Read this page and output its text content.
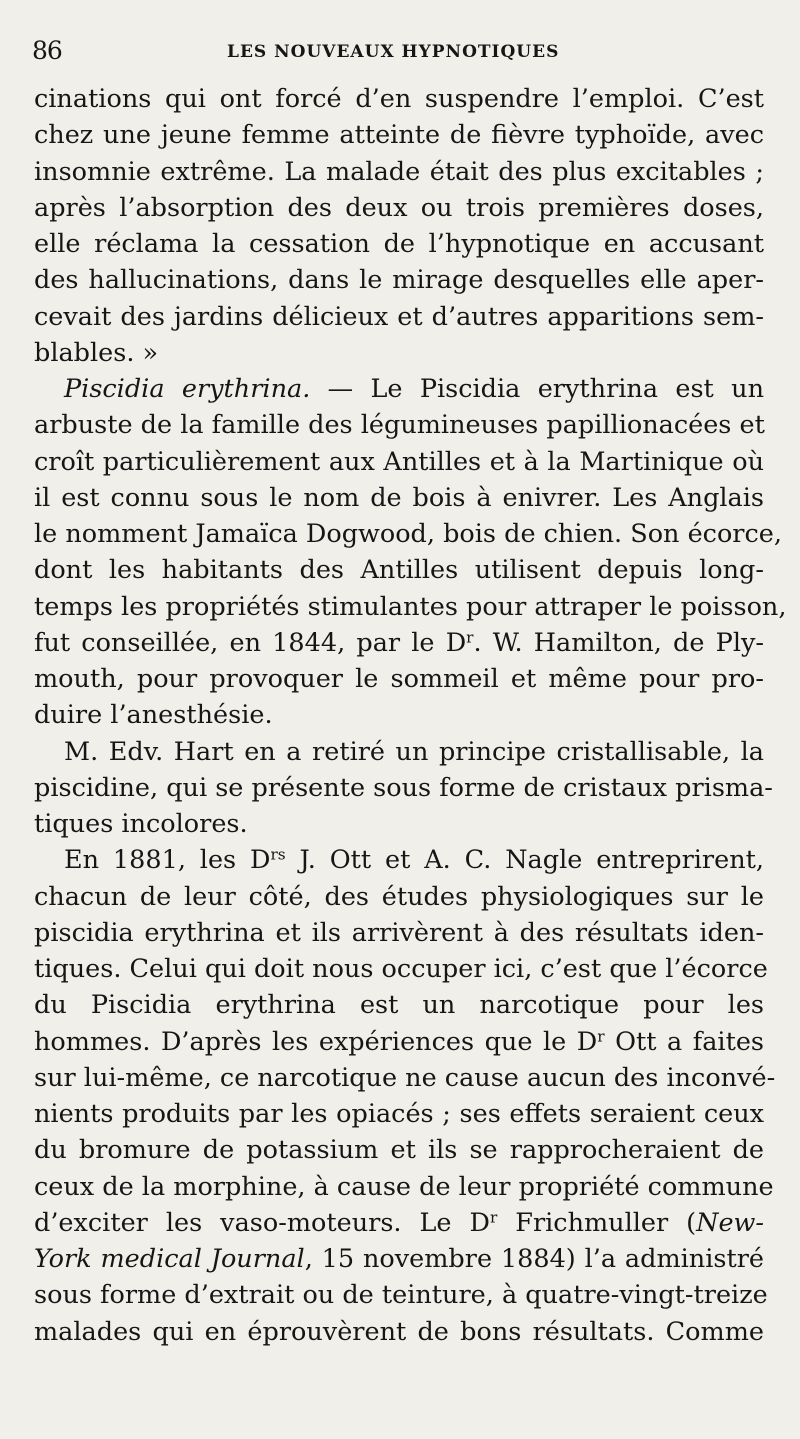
86	LES NOUVEAUX HYPNOTIQUES
cinations qui ont forcé d’en suspendre l’emploi. C’est
chez une jeune femme atteinte de fièvre typhoïde, avec
insomnie extrême. La malade était des plus excitables ;
après l’absorption des deux ou trois premières doses,
elle réclama la cessation de l’hypnotique en accusant
des hallucinations, dans le mirage desquelles elle aper-
cevait des jardins délicieux et d’autres apparitions sem-
blables. »
Piscidia erythrina. — Le Piscidia erythrina est un
arbuste de la famille des légumineuses papillionacées et
croît particulièrement aux Antilles et à la Martinique où
il est connu sous le nom de bois à enivrer. Les Anglais
le nomment Jamaïca Dogwood, bois de chien. Son écorce,
dont les habitants des Antilles utilisent depuis long-
temps les propriétés stimulantes pour attraper le poisson,
fut conseillée, en 1844, par le $D^r$. W. Hamilton, de Ply-
mouth, pour provoquer le sommeil et même pour pro-
duire l’anesthésie.
M. Edv. Hart en a retiré un principe cristallisable, la
piscidine, qui se présente sous forme de cristaux prisma-
tiques incolores.
En 1881, les $D^{rs}$ J. Ott et A. C. Nagle entreprirent,
chacun de leur côté, des études physiologiques sur le
piscidia erythrina et ils arrivèrent à des résultats iden-
tiques. Celui qui doit nous occuper ici, c’est que l’écorce
du Piscidia erythrina est un narcotique pour les
hommes. D’après les expériences que le $D^r$ Ott a faites
sur lui-même, ce narcotique ne cause aucun des inconvé-
nients produits par les opiacés ; ses effets seraient ceux
du bromure de potassium et ils se rapprocheraient de
ceux de la morphine, à cause de leur propriété commune
d’exciter les vaso-moteurs. Le $D^r$ Frichmuller (New-
York medical Journal, 15 novembre 1884) l’a administré
sous forme d’extrait ou de teinture, à quatre-vingt-treize
malades qui en éprouvèrent de bons résultats. Comme
